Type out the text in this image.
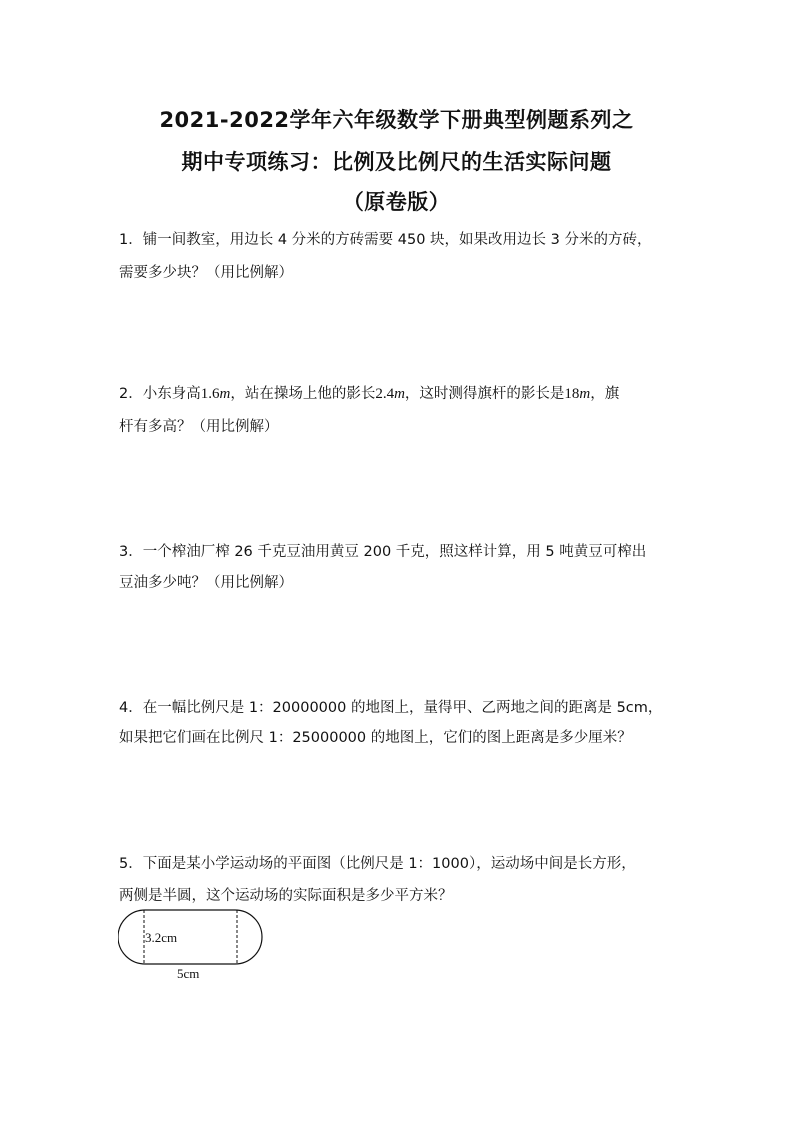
2021-2022学年六年级数学下册典型例题系列之
期中专项练习：比例及比例尺的生活实际问题
（原卷版）
1．铺一间教室，用边长 4 分米的方砖需要 450 块，如果改用边长 3 分米的方砖，
需要多少块？（用比例解）
2．小东身高1.6m，站在操场上他的影长2.4m，这时测得旗杆的影长是18m，旗
杆有多高？（用比例解）
3．一个榨油厂榨 26 千克豆油用黄豆 200 千克，照这样计算，用 5 吨黄豆可榨出
豆油多少吨？（用比例解）
4．在一幅比例尺是 1：20000000 的地图上，量得甲、乙两地之间的距离是 5cm，
如果把它们画在比例尺 1：25000000 的地图上，它们的图上距离是多少厘米？
5．下面是某小学运动场的平面图（比例尺是 1：1000），运动场中间是长方形，
两侧是半圆，这个运动场的实际面积是多少平方米？
3.2cm
5cm
